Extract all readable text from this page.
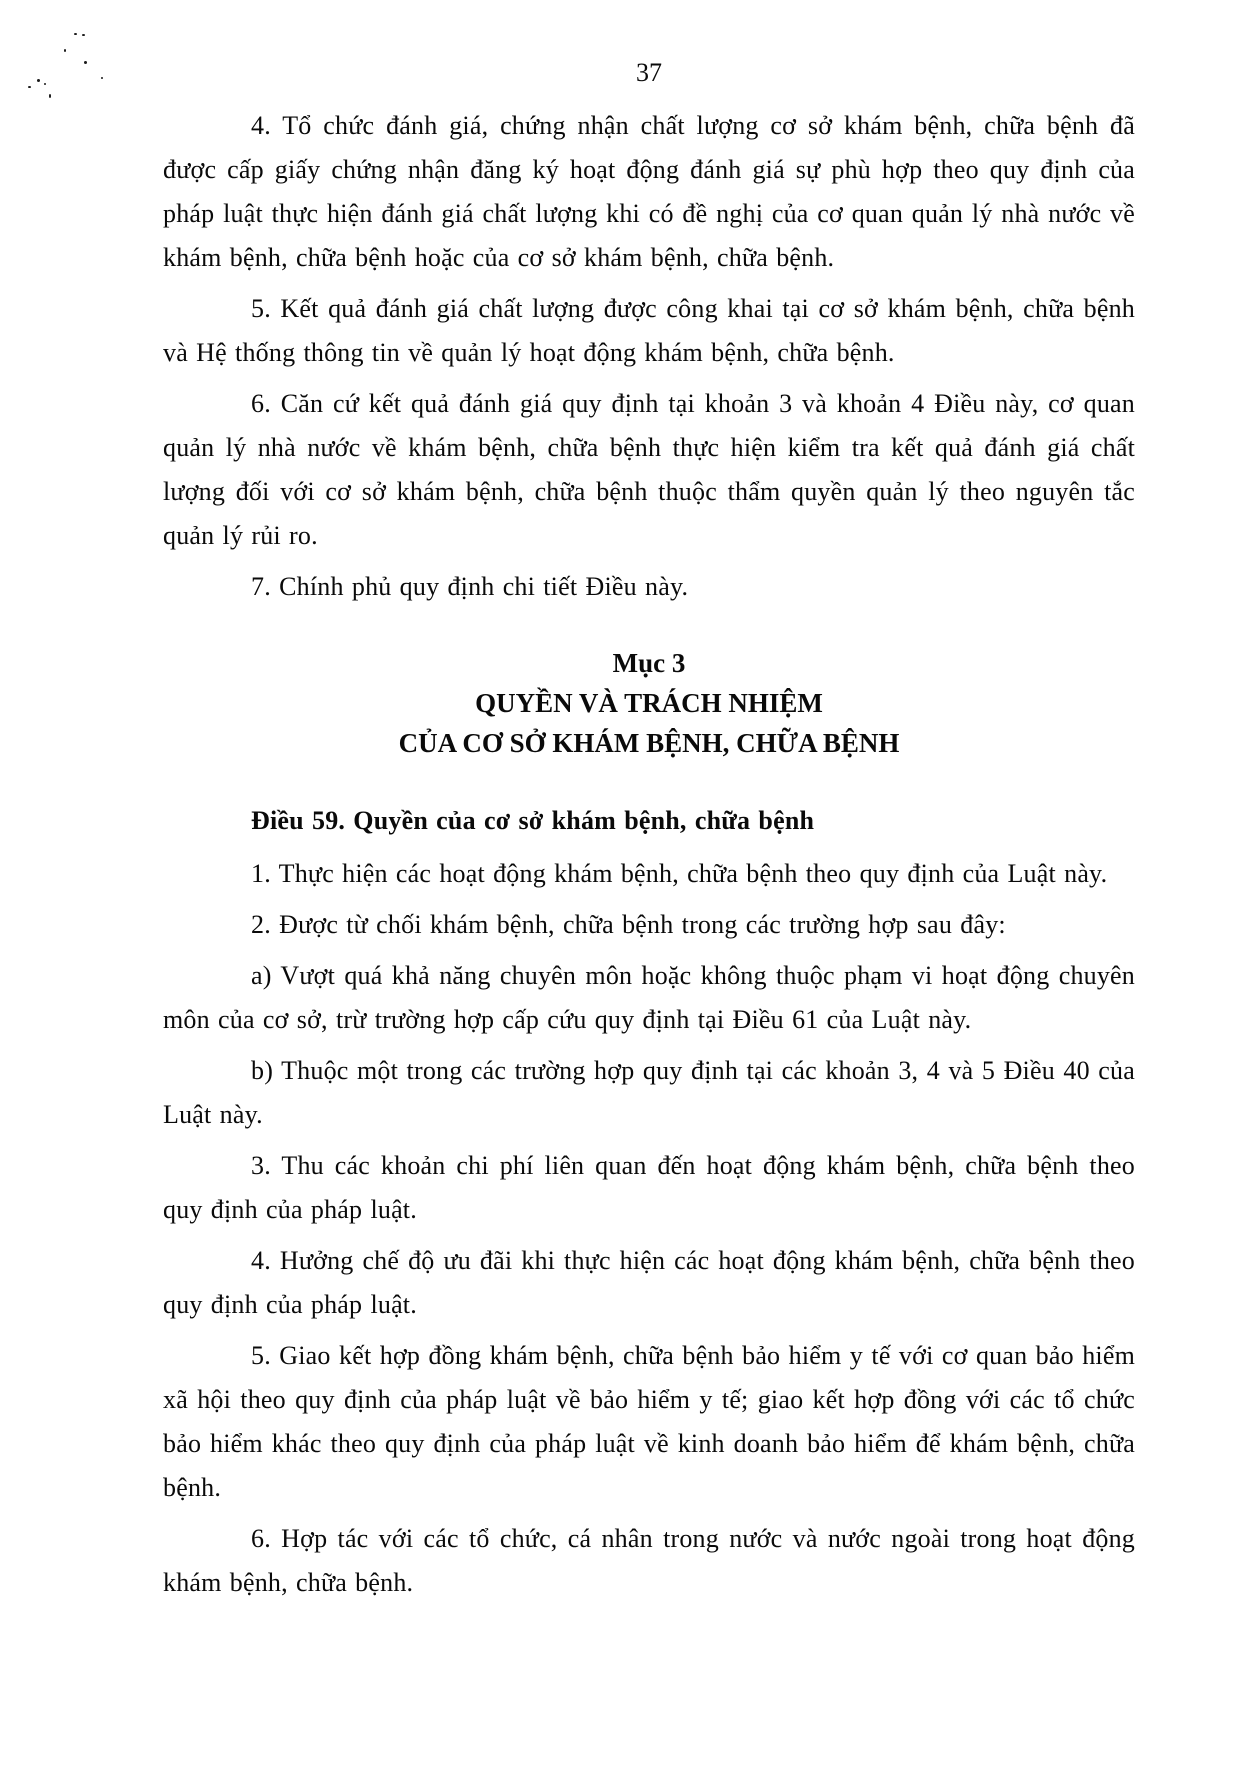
37

4. Tổ chức đánh giá, chứng nhận chất lượng cơ sở khám bệnh, chữa bệnh đã được cấp giấy chứng nhận đăng ký hoạt động đánh giá sự phù hợp theo quy định của pháp luật thực hiện đánh giá chất lượng khi có đề nghị của cơ quan quản lý nhà nước về khám bệnh, chữa bệnh hoặc của cơ sở khám bệnh, chữa bệnh.

5. Kết quả đánh giá chất lượng được công khai tại cơ sở khám bệnh, chữa bệnh và Hệ thống thông tin về quản lý hoạt động khám bệnh, chữa bệnh.

6. Căn cứ kết quả đánh giá quy định tại khoản 3 và khoản 4 Điều này, cơ quan quản lý nhà nước về khám bệnh, chữa bệnh thực hiện kiểm tra kết quả đánh giá chất lượng đối với cơ sở khám bệnh, chữa bệnh thuộc thẩm quyền quản lý theo nguyên tắc quản lý rủi ro.

7. Chính phủ quy định chi tiết Điều này.

Mục 3
QUYỀN VÀ TRÁCH NHIỆM
CỦA CƠ SỞ KHÁM BỆNH, CHỮA BỆNH

Điều 59. Quyền của cơ sở khám bệnh, chữa bệnh

1. Thực hiện các hoạt động khám bệnh, chữa bệnh theo quy định của Luật này.

2. Được từ chối khám bệnh, chữa bệnh trong các trường hợp sau đây:

a) Vượt quá khả năng chuyên môn hoặc không thuộc phạm vi hoạt động chuyên môn của cơ sở, trừ trường hợp cấp cứu quy định tại Điều 61 của Luật này.

b) Thuộc một trong các trường hợp quy định tại các khoản 3, 4 và 5 Điều 40 của Luật này.

3. Thu các khoản chi phí liên quan đến hoạt động khám bệnh, chữa bệnh theo quy định của pháp luật.

4. Hưởng chế độ ưu đãi khi thực hiện các hoạt động khám bệnh, chữa bệnh theo quy định của pháp luật.

5. Giao kết hợp đồng khám bệnh, chữa bệnh bảo hiểm y tế với cơ quan bảo hiểm xã hội theo quy định của pháp luật về bảo hiểm y tế; giao kết hợp đồng với các tổ chức bảo hiểm khác theo quy định của pháp luật về kinh doanh bảo hiểm để khám bệnh, chữa bệnh.

6. Hợp tác với các tổ chức, cá nhân trong nước và nước ngoài trong hoạt động khám bệnh, chữa bệnh.
